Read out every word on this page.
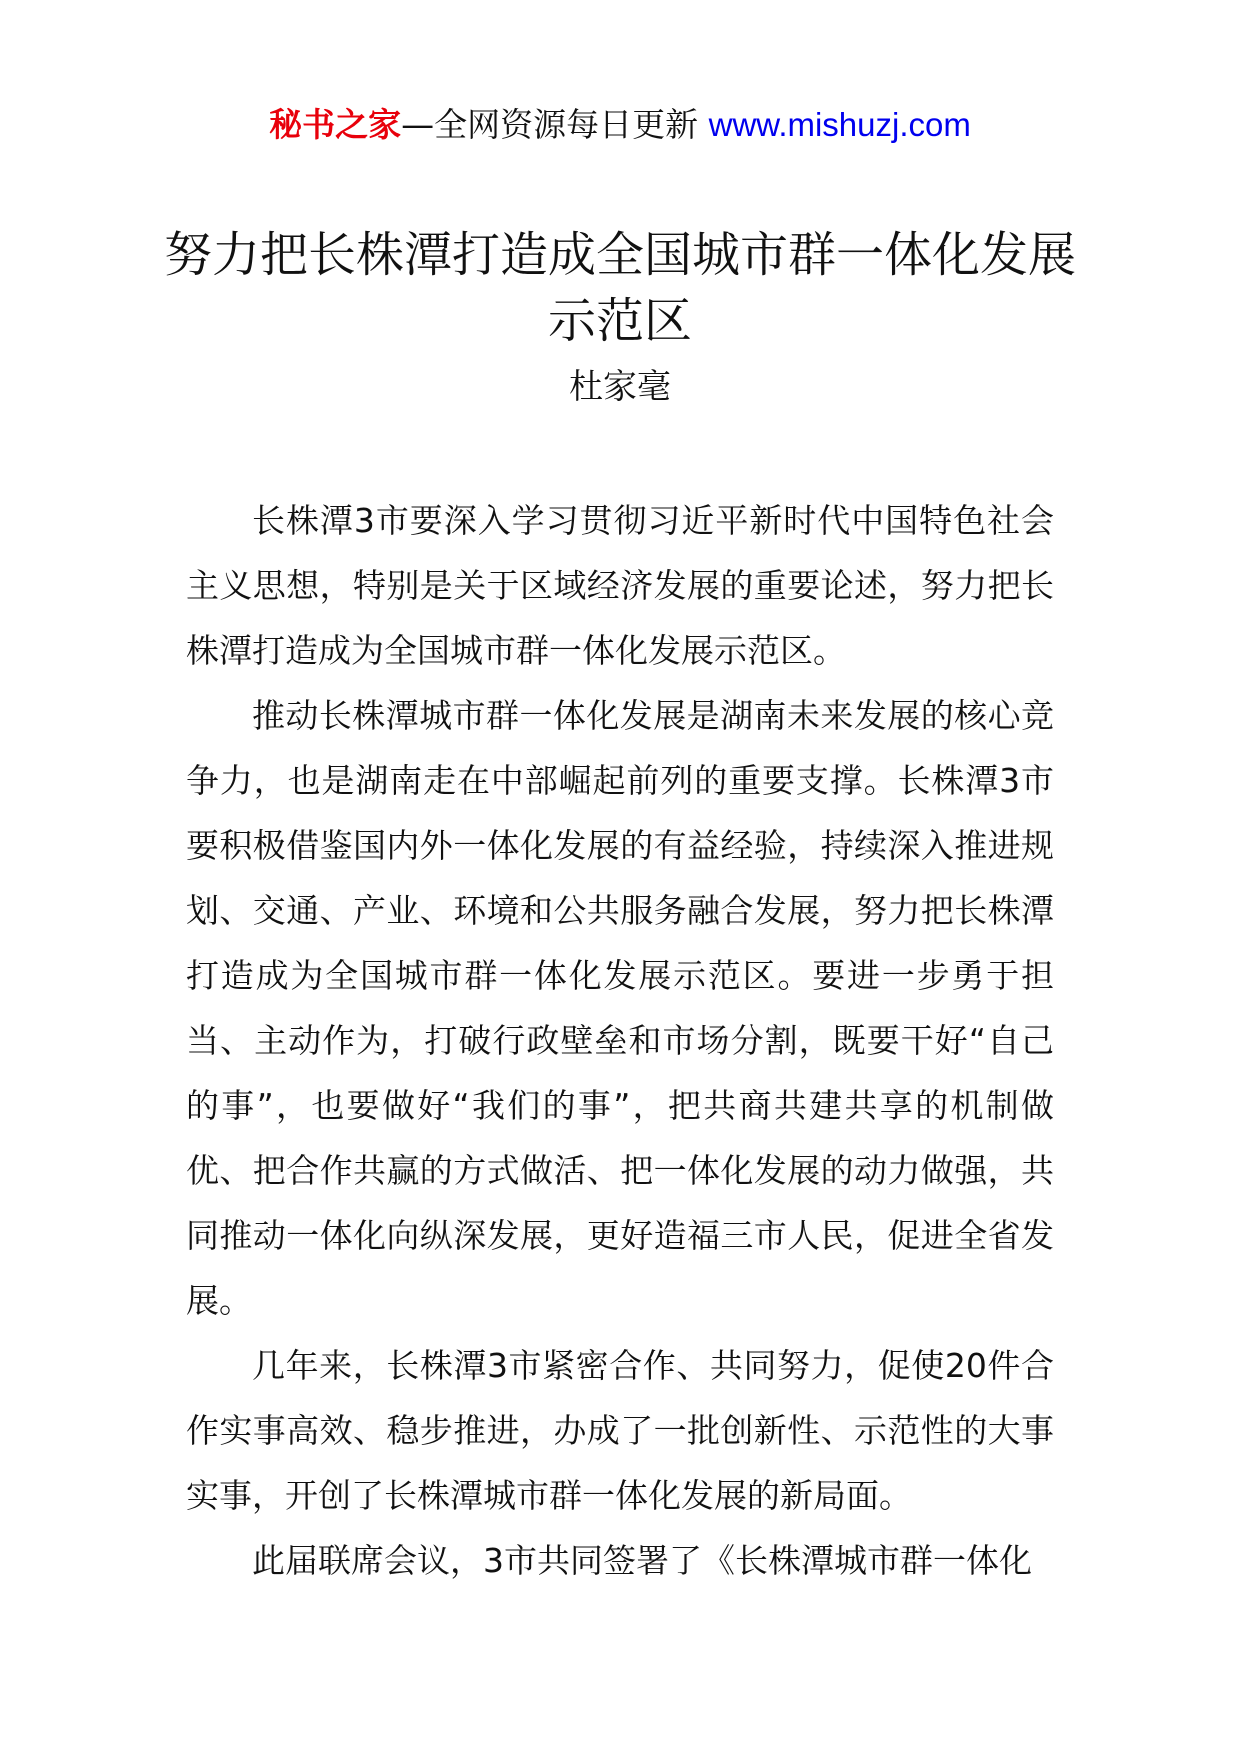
秘书之家—全网资源每日更新 www.mishuzj.com
努力把长株潭打造成全国城市群一体化发展示范区
杜家毫

长株潭3市要深入学习贯彻习近平新时代中国特色社会主义思想，特别是关于区域经济发展的重要论述，努力把长株潭打造成为全国城市群一体化发展示范区。

推动长株潭城市群一体化发展是湖南未来发展的核心竞争力，也是湖南走在中部崛起前列的重要支撑。长株潭3市要积极借鉴国内外一体化发展的有益经验，持续深入推进规划、交通、产业、环境和公共服务融合发展，努力把长株潭打造成为全国城市群一体化发展示范区。要进一步勇于担当、主动作为，打破行政壁垒和市场分割，既要干好“自己的事”，也要做好“我们的事”，把共商共建共享的机制做优、把合作共赢的方式做活、把一体化发展的动力做强，共同推动一体化向纵深发展，更好造福三市人民，促进全省发展。

几年来，长株潭3市紧密合作、共同努力，促使20件合作实事高效、稳步推进，办成了一批创新性、示范性的大事实事，开创了长株潭城市群一体化发展的新局面。

此届联席会议，3市共同签署了《长株潭城市群一体化
